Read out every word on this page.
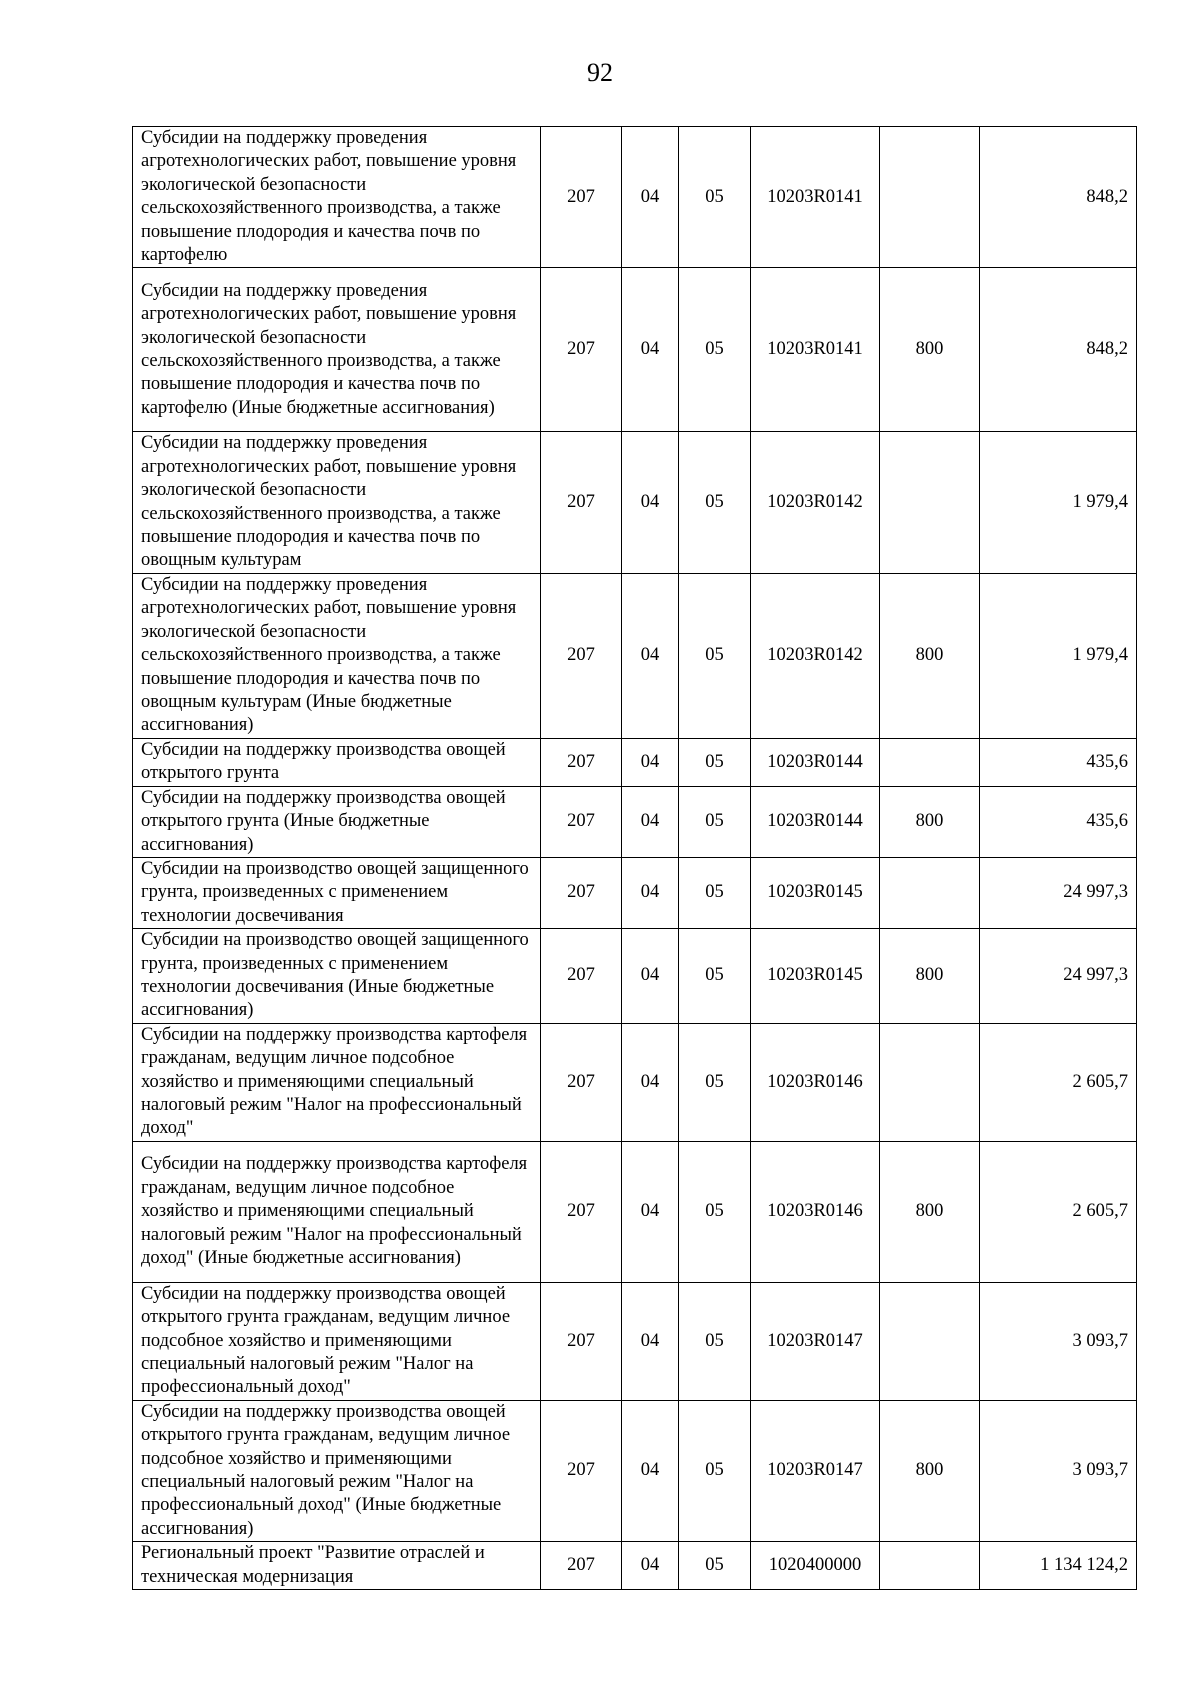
92
Субсидии на поддержку проведения агротехнологических работ, повышение уровня экологической безопасности сельскохозяйственного производства, а также повышение плодородия и качества почв по картофелю	207	04	05	10203R0141		848,2
Субсидии на поддержку проведения агротехнологических работ, повышение уровня экологической безопасности сельскохозяйственного производства, а также повышение плодородия и качества почв по картофелю (Иные бюджетные ассигнования)	207	04	05	10203R0141	800	848,2
Субсидии на поддержку проведения агротехнологических работ, повышение уровня экологической безопасности сельскохозяйственного производства, а также повышение плодородия и качества почв по овощным культурам	207	04	05	10203R0142		1 979,4
Субсидии на поддержку проведения агротехнологических работ, повышение уровня экологической безопасности сельскохозяйственного производства, а также повышение плодородия и качества почв по овощным культурам (Иные бюджетные ассигнования)	207	04	05	10203R0142	800	1 979,4
Субсидии на поддержку производства овощей открытого грунта	207	04	05	10203R0144		435,6
Субсидии на поддержку производства овощей открытого грунта (Иные бюджетные ассигнования)	207	04	05	10203R0144	800	435,6
Субсидии на производство овощей защищенного грунта, произведенных с применением технологии досвечивания	207	04	05	10203R0145		24 997,3
Субсидии на производство овощей защищенного грунта, произведенных с применением технологии досвечивания (Иные бюджетные ассигнования)	207	04	05	10203R0145	800	24 997,3
Субсидии на поддержку производства картофеля гражданам, ведущим личное подсобное хозяйство и применяющими специальный налоговый режим "Налог на профессиональный доход"	207	04	05	10203R0146		2 605,7
Субсидии на поддержку производства картофеля гражданам, ведущим личное подсобное хозяйство и применяющими специальный налоговый режим "Налог на профессиональный доход" (Иные бюджетные ассигнования)	207	04	05	10203R0146	800	2 605,7
Субсидии на поддержку производства овощей открытого грунта гражданам, ведущим личное подсобное хозяйство и применяющими специальный налоговый режим "Налог на профессиональный доход"	207	04	05	10203R0147		3 093,7
Субсидии на поддержку производства овощей открытого грунта гражданам, ведущим личное подсобное хозяйство и применяющими специальный налоговый режим "Налог на профессиональный доход" (Иные бюджетные ассигнования)	207	04	05	10203R0147	800	3 093,7
Региональный проект "Развитие отраслей и техническая модернизация	207	04	05	1020400000		1 134 124,2
